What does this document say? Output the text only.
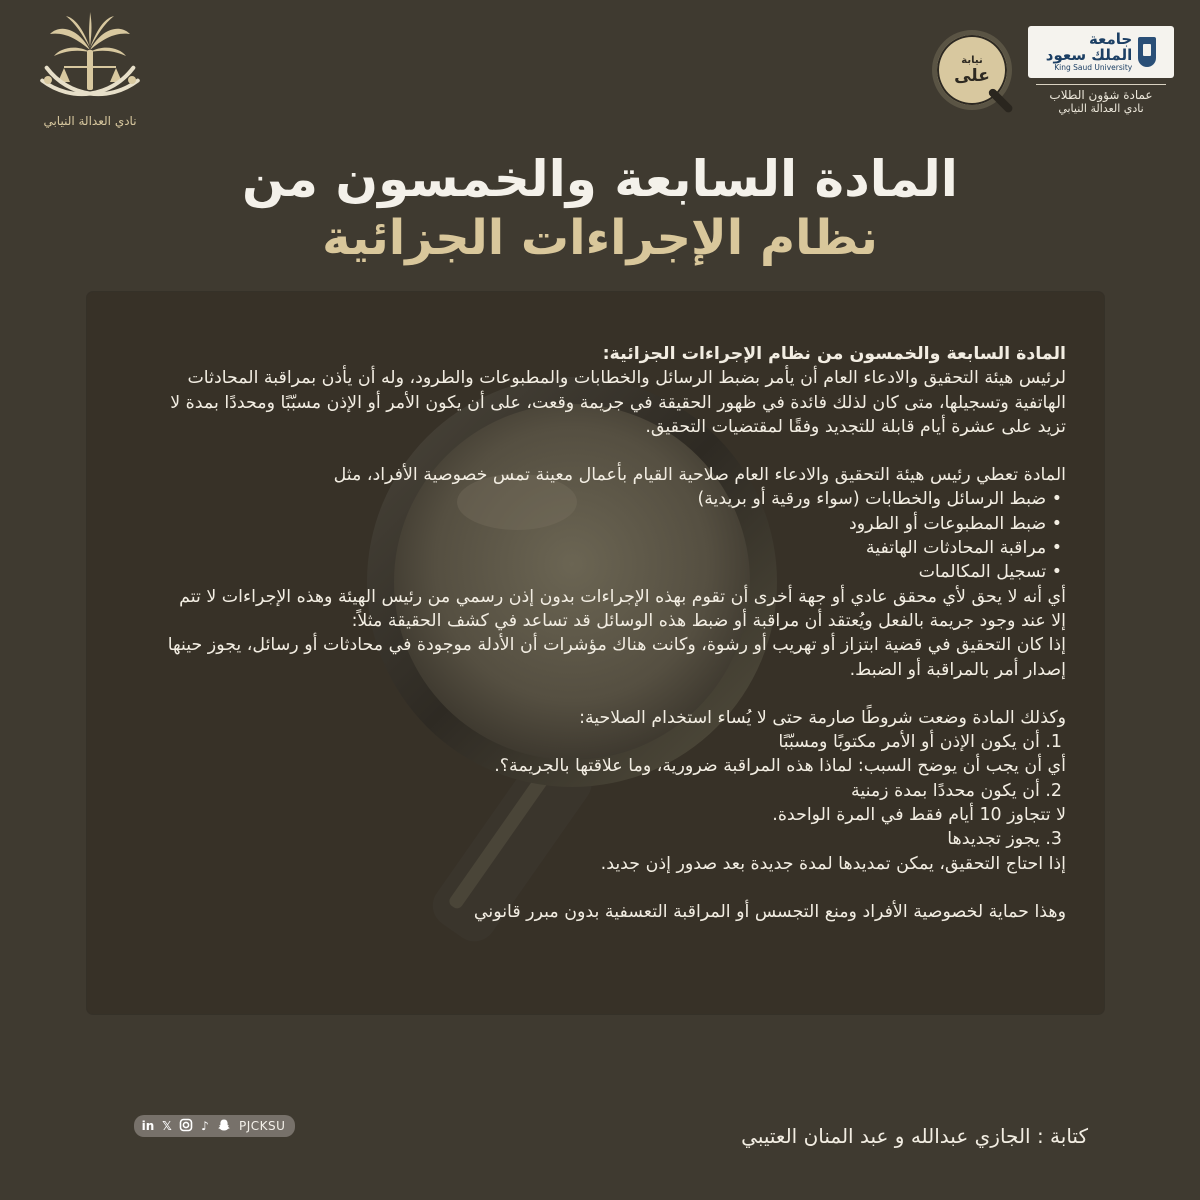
جامعة
الملك سعود
King Saud University
عمادة شؤون الطلاب
نادي العدالة النيابي
نيابة
على
نادي العدالة النيابي
المادة السابعة والخمسون من
نظام الإجراءات الجزائية

المادة السابعة والخمسون من نظام الإجراءات الجزائية:

لرئيس هيئة التحقيق والادعاء العام أن يأمر بضبط الرسائل والخطابات والمطبوعات والطرود، وله أن يأذن بمراقبة المحادثات

الهاتفية وتسجيلها، متى كان لذلك فائدة في ظهور الحقيقة في جريمة وقعت، على أن يكون الأمر أو الإذن مسبّبًا ومحددًا بمدة لا

تزيد على عشرة أيام قابلة للتجديد وفقًا لمقتضيات التحقيق.

المادة تعطي رئيس هيئة التحقيق والادعاء العام صلاحية القيام بأعمال معينة تمس خصوصية الأفراد، مثل

• ضبط الرسائل والخطابات (سواء ورقية أو بريدية)

• ضبط المطبوعات أو الطرود

• مراقبة المحادثات الهاتفية

• تسجيل المكالمات

أي أنه لا يحق لأي محقق عادي أو جهة أخرى أن تقوم بهذه الإجراءات بدون إذن رسمي من رئيس الهيئة وهذه الإجراءات لا تتم

إلا عند وجود جريمة بالفعل ويُعتقد أن مراقبة أو ضبط هذه الوسائل قد تساعد في كشف الحقيقة مثلاً:

إذا كان التحقيق في قضية ابتزاز أو تهريب أو رشوة، وكانت هناك مؤشرات أن الأدلة موجودة في محادثات أو رسائل، يجوز حينها

إصدار أمر بالمراقبة أو الضبط.

وكذلك المادة وضعت شروطًا صارمة حتى لا يُساء استخدام الصلاحية:

1. أن يكون الإذن أو الأمر مكتوبًا ومسبّبًا

أي أن يجب أن يوضح السبب: لماذا هذه المراقبة ضرورية، وما علاقتها بالجريمة؟.

2. أن يكون محددًا بمدة زمنية

لا تتجاوز 10 أيام فقط في المرة الواحدة.

3. يجوز تجديدها

إذا احتاج التحقيق، يمكن تمديدها لمدة جديدة بعد صدور إذن جديد.

وهذا حماية لخصوصية الأفراد ومنع التجسس أو المراقبة التعسفية بدون مبرر قانوني

كتابة : الجازي عبدالله و عبد المنان العتيبي
in 𝕏	♪	PJCKSU
